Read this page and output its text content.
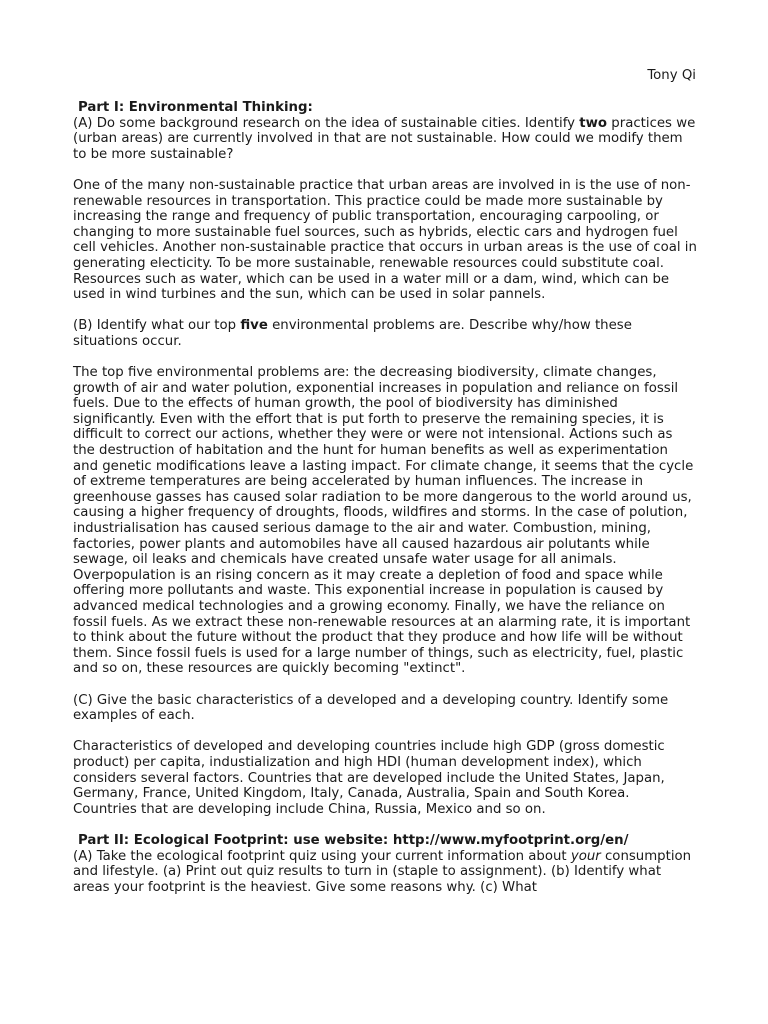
Tony Qi
Part I: Environmental Thinking:

(A) Do some background research on the idea of sustainable cities. Identify two practices we (urban areas) are currently involved in that are not sustainable. How could we modify them to be more sustainable?

One of the many non-sustainable practice that urban areas are involved in is the use of non-renewable resources in transportation. This practice could be made more sustainable by increasing the range and frequency of public transportation, encouraging carpooling, or changing to more sustainable fuel sources, such as hybrids, electic cars and hydrogen fuel cell vehicles. Another non-sustainable practice that occurs in urban areas is the use of coal in generating electicity. To be more sustainable, renewable resources could substitute coal. Resources such as water, which can be used in a water mill or a dam, wind, which can be used in wind turbines and the sun, which can be used in solar pannels.

(B) Identify what our top five environmental problems are. Describe why/how these situations occur.

The top five environmental problems are: the decreasing biodiversity, climate changes, growth of air and water polution, exponential increases in population and reliance on fossil fuels. Due to the effects of human growth, the pool of biodiversity has diminished significantly. Even with the effort that is put forth to preserve the remaining species, it is difficult to correct our actions, whether they were or were not intensional. Actions such as the destruction of habitation and the hunt for human benefits as well as experimentation and genetic modifications leave a lasting impact. For climate change, it seems that the cycle of extreme temperatures are being accelerated by human influences. The increase in greenhouse gasses has caused solar radiation to be more dangerous to the world around us, causing a higher frequency of droughts, floods, wildfires and storms. In the case of polution, industrialisation has caused serious damage to the air and water. Combustion, mining, factories, power plants and automobiles have all caused hazardous air polutants while sewage, oil leaks and chemicals have created unsafe water usage for all animals. Overpopulation is an rising concern as it may create a depletion of food and space while offering more pollutants and waste. This exponential increase in population is caused by advanced medical technologies and a growing economy. Finally, we have the reliance on fossil fuels. As we extract these non-renewable resources at an alarming rate, it is important to think about the future without the product that they produce and how life will be without them. Since fossil fuels is used for a large number of things, such as electricity, fuel, plastic and so on, these resources are quickly becoming "extinct".

(C) Give the basic characteristics of a developed and a developing country. Identify some examples of each.

Characteristics of developed and developing countries include high GDP (gross domestic product) per capita, industialization and high HDI (human development index), which considers several factors. Countries that are developed include the United States, Japan, Germany, France, United Kingdom, Italy, Canada, Australia, Spain and South Korea. Countries that are developing include China, Russia, Mexico and so on.

Part II: Ecological Footprint: use website: http://www.myfootprint.org/en/

(A) Take the ecological footprint quiz using your current information about your consumption and lifestyle. (a) Print out quiz results to turn in (staple to assignment). (b) Identify what areas your footprint is the heaviest. Give some reasons why. (c) What
